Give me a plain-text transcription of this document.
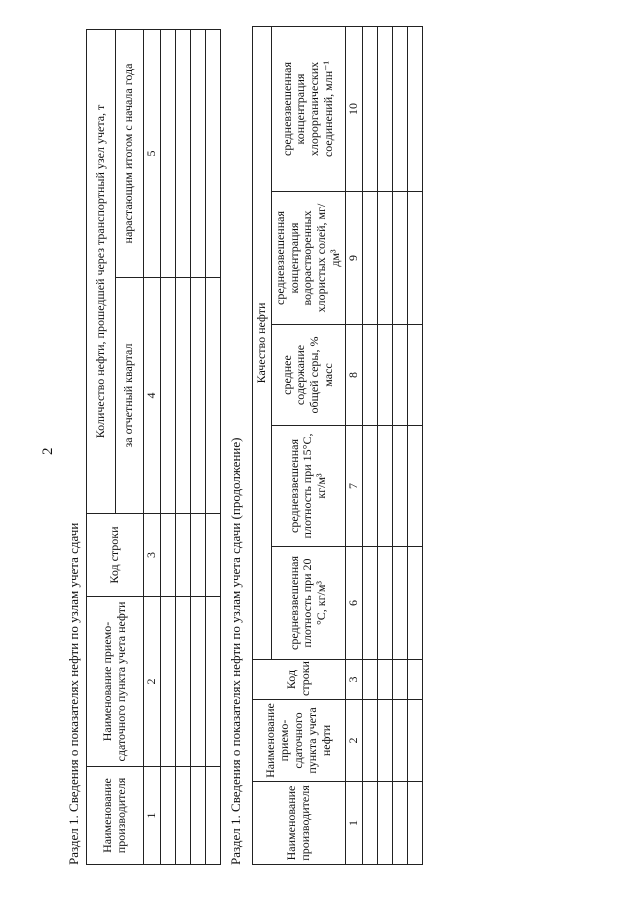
2
Раздел 1. Сведения о показателях нефти по узлам учета сдачи Наименование производителя	Наименование приемо-сдаточного пункта учета нефти	Код строки	Количество нефти, прошедшей через транспортный узел учета, т	
			за отчетный квартал	нарастающим итогом с начала года
1	2	3	4	5

Раздел 1. Сведения о показателях нефти по узлам учета сдачи (продолжение)	Наименование производителя	Наименование приемо-сдаточного пункта учета нефти	Код строки	Качество нефти				
			средневзвешенная плотность при 20 °С, кг/м³	средневзвешенная плотность при 15°С, кг/м³	среднее содержание общей серы, % масс	средневзвешенная концентрация водорастворенных хлористых солей, мг/дм³	средневзвешенная концентрация хлорорганических соединений, млн⁻¹
1	2	3	6	7	8	9	10
